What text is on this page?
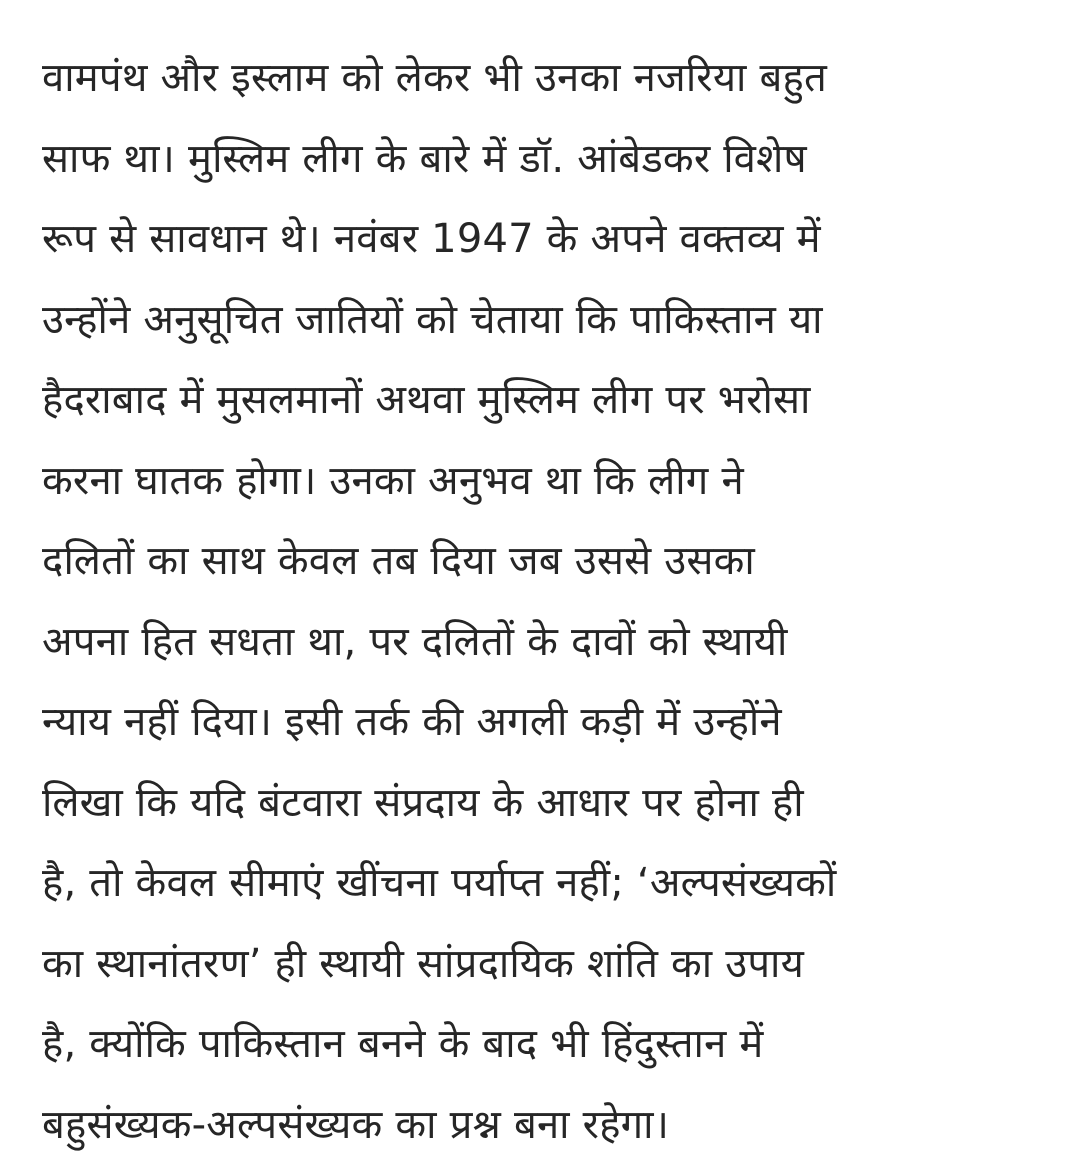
वामपंथ और इस्लाम को लेकर भी उनका नजरिया बहुत
साफ था। मुस्लिम लीग के बारे में डॉ. आंबेडकर विशेष
रूप से सावधान थे। नवंबर 1947 के अपने वक्तव्य में
उन्होंने अनुसूचित जातियों को चेताया कि पाकिस्तान या
हैदराबाद में मुसलमानों अथवा मुस्लिम लीग पर भरोसा
करना घातक होगा। उनका अनुभव था कि लीग ने
दलितों का साथ केवल तब दिया जब उससे उसका
अपना हित सधता था, पर दलितों के दावों को स्थायी
न्याय नहीं दिया। इसी तर्क की अगली कड़ी में उन्होंने
लिखा कि यदि बंटवारा संप्रदाय के आधार पर होना ही
है, तो केवल सीमाएं खींचना पर्याप्त नहीं; ‘अल्पसंख्यकों
का स्थानांतरण’ ही स्थायी सांप्रदायिक शांति का उपाय
है, क्योंकि पाकिस्तान बनने के बाद भी हिंदुस्तान में
बहुसंख्यक-अल्पसंख्यक का प्रश्न बना रहेगा।
